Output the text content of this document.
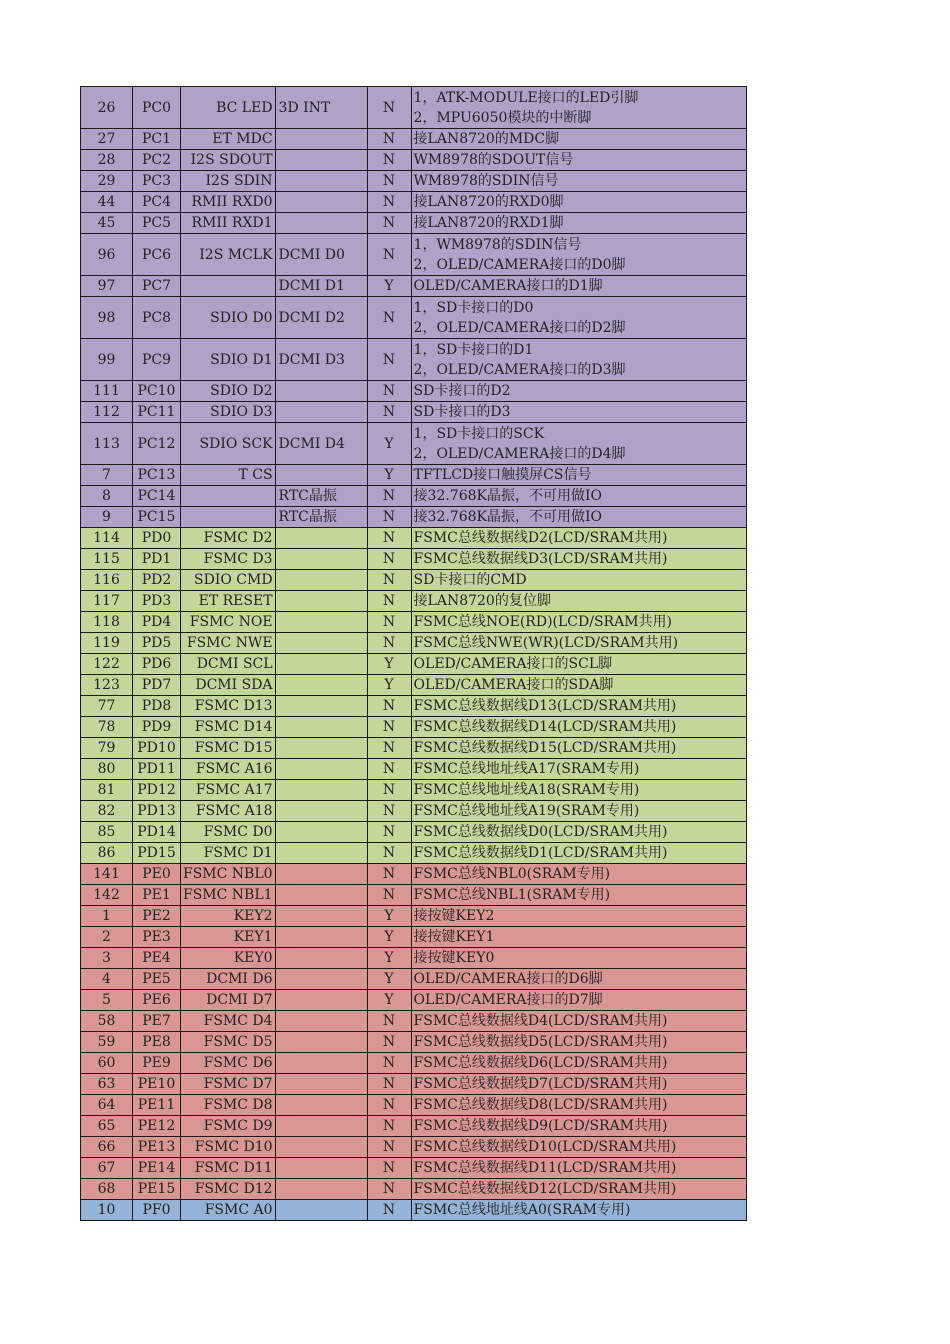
26	PC0	BC LED	3D INT	N	1，ATK-MODULE接口的LED引脚
2，MPU6050模块的中断脚

27	PC1	ET MDC		N	接LAN8720的MDC脚

28	PC2	I2S SDOUT		N	WM8978的SDOUT信号

29	PC3	I2S SDIN		N	WM8978的SDIN信号

44	PC4	RMII RXD0		N	接LAN8720的RXD0脚

45	PC5	RMII RXD1		N	接LAN8720的RXD1脚

96	PC6	I2S MCLK	DCMI D0	N	1，WM8978的SDIN信号
2，OLED/CAMERA接口的D0脚

97	PC7		DCMI D1	Y	OLED/CAMERA接口的D1脚

98	PC8	SDIO D0	DCMI D2	N	1，SD卡接口的D0
2，OLED/CAMERA接口的D2脚

99	PC9	SDIO D1	DCMI D3	N	1，SD卡接口的D1
2，OLED/CAMERA接口的D3脚

111	PC10	SDIO D2		N	SD卡接口的D2

112	PC11	SDIO D3		N	SD卡接口的D3

113	PC12	SDIO SCK	DCMI D4	Y	1，SD卡接口的SCK
2，OLED/CAMERA接口的D4脚

7	PC13	T CS		Y	TFTLCD接口触摸屏CS信号

8	PC14		RTC晶振	N	接32.768K晶振，不可用做IO

9	PC15		RTC晶振	N	接32.768K晶振，不可用做IO

114	PD0	FSMC D2		N	FSMC总线数据线D2(LCD/SRAM共用)

115	PD1	FSMC D3		N	FSMC总线数据线D3(LCD/SRAM共用)

116	PD2	SDIO CMD		N	SD卡接口的CMD

117	PD3	ET RESET		N	接LAN8720的复位脚

118	PD4	FSMC NOE		N	FSMC总线NOE(RD)(LCD/SRAM共用)

119	PD5	FSMC NWE		N	FSMC总线NWE(WR)(LCD/SRAM共用)

122	PD6	DCMI SCL		Y	OLED/CAMERA接口的SCL脚

123	PD7	DCMI SDA		Y	OLED/CAMERA接口的SDA脚

77	PD8	FSMC D13		N	FSMC总线数据线D13(LCD/SRAM共用)

78	PD9	FSMC D14		N	FSMC总线数据线D14(LCD/SRAM共用)

79	PD10	FSMC D15		N	FSMC总线数据线D15(LCD/SRAM共用)

80	PD11	FSMC A16		N	FSMC总线地址线A17(SRAM专用)

81	PD12	FSMC A17		N	FSMC总线地址线A18(SRAM专用)

82	PD13	FSMC A18		N	FSMC总线地址线A19(SRAM专用)

85	PD14	FSMC D0		N	FSMC总线数据线D0(LCD/SRAM共用)

86	PD15	FSMC D1		N	FSMC总线数据线D1(LCD/SRAM共用)

141	PE0	FSMC NBL0		N	FSMC总线NBL0(SRAM专用)

142	PE1	FSMC NBL1		N	FSMC总线NBL1(SRAM专用)

1	PE2	KEY2		Y	接按键KEY2

2	PE3	KEY1		Y	接按键KEY1

3	PE4	KEY0		Y	接按键KEY0

4	PE5	DCMI D6		Y	OLED/CAMERA接口的D6脚

5	PE6	DCMI D7		Y	OLED/CAMERA接口的D7脚

58	PE7	FSMC D4		N	FSMC总线数据线D4(LCD/SRAM共用)

59	PE8	FSMC D5		N	FSMC总线数据线D5(LCD/SRAM共用)

60	PE9	FSMC D6		N	FSMC总线数据线D6(LCD/SRAM共用)

63	PE10	FSMC D7		N	FSMC总线数据线D7(LCD/SRAM共用)

64	PE11	FSMC D8		N	FSMC总线数据线D8(LCD/SRAM共用)

65	PE12	FSMC D9		N	FSMC总线数据线D9(LCD/SRAM共用)

66	PE13	FSMC D10		N	FSMC总线数据线D10(LCD/SRAM共用)

67	PE14	FSMC D11		N	FSMC总线数据线D11(LCD/SRAM共用)

68	PE15	FSMC D12		N	FSMC总线数据线D12(LCD/SRAM共用)

10	PF0	FSMC A0		N	FSMC总线地址线A0(SRAM专用)
